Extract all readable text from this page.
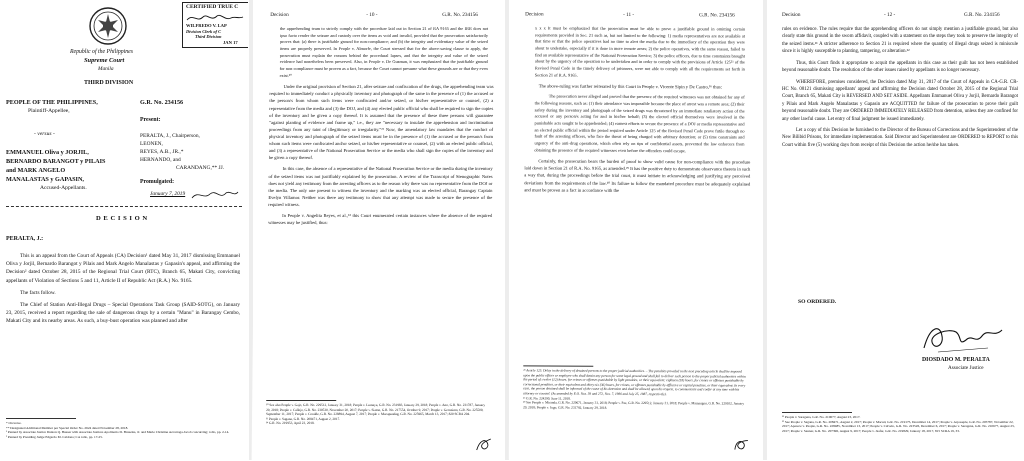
CERTIFIED TRUE C
WILFREDO V. LAP
Division Clerk of C
Third Division
JAN 17
Republic of the Philippines
Supreme Court
Manila
THIRD DIVISION
PEOPLE OF THE PHILIPPINES,
Plaintiff-Appellee,
- versus -
EMMANUEL Oliva y JORJIL,
BERNARDO BARANGOT y PILAIS
and MARK ANGELO
MANALASTAS y GAPASIN,
Accused-Appellants.
G.R. No. 234156
Present:
PERALTA, J., Chairperson,
LEONEN,
REYES, A.B., JR.,*
HERNANDO, and
CARANDANG,** JJ.
Promulgated:
January 7, 2019
D E C I S I O N
PERALTA, J.:

This is an appeal from the Court of Appeals (CA) Decision¹ dated May 31, 2017 dismissing Emmanuel Oliva y Jorjil, Bernardo Barangot y Pilais and Mark Angelo Manalastas y Gapasin's appeal, and affirming the Decision² dated October 28, 2015 of the Regional Trial Court (RTC), Branch 65, Makati City, convicting appellants of Violation of Sections 5 and 11, Article II of Republic Act (R.A.) No. 9165.

The facts follow.

The Chief of Station Anti-Illegal Drugs – Special Operations Task Group (SAID-SOTG), on January 23, 2015, received a report regarding the sale of dangerous drugs by a certain "Manu" in Barangay Cembo, Makati City and its nearby areas. As such, a buy-bust operation was planned and after

* On leave.
** Designated Additional Member per Special Order No. 2624 dated November 28, 2018.
¹ Penned by Associate Justice Danton Q. Bueser with Associate Justices Apolinario D. Bruselas, Jr. and Marie Christine Azcarraga-Jacob concurring; rollo, pp. 2-14.
² Penned by Presiding Judge Edgardo M. Caldona; CA rollo, pp. 17-25.
Decision	- 10 -	G.R. No. 234156

the apprehending team to strictly comply with the procedure laid out in Section 21 of RA 9165 and the IRR does not ipso facto render the seizure and custody over the items as void and invalid, provided that the prosecution satisfactorily proves that: (a) there is justifiable ground for non-compliance; and (b) the integrity and evidentiary value of the seized items are properly preserved. In People v. Almorfe, the Court stressed that for the above-saving clause to apply, the prosecution must explain the reasons behind the procedural lapses, and that the integrity and value of the seized evidence had nonetheless been preserved. Also, in People v. De Guzman, it was emphasized that the justifiable ground for non-compliance must be proven as a fact, because the Court cannot presume what these grounds are or that they even exist.²⁰

Under the original provision of Section 21, after seizure and confiscation of the drugs, the apprehending team was required to immediately conduct a physically inventory and photograph of the same in the presence of (1) the accused or the person/s from whom such items were confiscated and/or seized, or his/her representative or counsel, (2) a representative from the media and (3) the DOJ, and (4) any elected public official who shall be required to sign the copies of the inventory and be given a copy thereof. It is assumed that the presence of these three persons will guarantee "against planting of evidence and frame up," i.e., they are "necessary to insulate the apprehension and incrimination proceedings from any taint of illegitimacy or irregularity."²¹ Now, the amendatory law mandates that the conduct of physical inventory and photograph of the seized items must be in the presence of (1) the accused or the person/s from whom such items were confiscated and/or seized, or his/her representative or counsel, (2) with an elected public official, and (3) a representative of the National Prosecution Service or the media who shall sign the copies of the inventory and be given a copy thereof.

In this case, the absence of a representative of the National Prosecution Service or the media during the inventory of the seized items was not justifiably explained by the prosecution. A review of the Transcript of Stenographic Notes does not yield any testimony from the arresting officers as to the reason why there was no representative from the DOJ or the media. The only one present to witness the inventory and the marking was an elected official, Barangay Captain Evelyn Villamor. Neither was there any testimony to show that any attempt was made to secure the presence of the required witness.

In People v. Angelita Reyes, et al.,²⁴ this Court enumerated certain instances where the absence of the required witnesses may be justified, thus:

²⁰ See also People v. Gajo, G.R. No. 229512, January 31, 2018; People v. Lumaya, G.R. No. 231983, January 29, 2018; People v. Ano, G.R. No. 231787, January 29, 2018; People v. Callejo, G.R. No. 230530, November 20, 2017; People v. Siaton, G.R. No. 217554, October 9, 2017; People v. Geronimo, G.R. No. 225500, September 11, 2017; People v. Ceralde, G.R. No. 228894, August 7, 2017; People v. Macapundag, G.R. No. 225965, March 13, 2017; 820 SCRA 204.
²¹ People v. Sagana, G.R. No. 208471, August 2, 2017.
²⁴ G.R. No. 219953, April 23, 2018.
Decision	- 11 -	G.R. No. 234156

x x x It must be emphasized that the prosecution must be able to prove a justifiable ground in omitting certain requirements provided in Sec. 21 such as, but not limited to the following: 1) media representatives are not available at that time or that the police operatives had no time to alert the media due to the immediacy of the operation they were about to undertake, especially if it is done in more remote areas; 2) the police operatives, with the same reason, failed to find an available representative of the National Prosecution Service; 3) the police officers, due to time constraints brought about by the urgency of the operation to be undertaken and in order to comply with the provisions of Article 125²⁵ of the Revised Penal Code in the timely delivery of prisoners, were not able to comply with all the requirements set forth in Section 21 of R.A. 9165.

The above-ruling was further reiterated by this Court in People v. Vicente Sipin y De Castro,²⁶ thus:

The prosecution never alleged and proved that the presence of the required witnesses was not obtained for any of the following reasons, such as: (1) their attendance was impossible because the place of arrest was a remote area; (2) their safety during the inventory and photograph of the seized drugs was threatened by an immediate retaliatory action of the accused or any person/s acting for and in his/her behalf; (3) the elected official themselves were involved in the punishable acts sought to be apprehended; (4) earnest efforts to secure the presence of a DOJ or media representative and an elected public official within the period required under Article 125 of the Revised Penal Code prove futile through no fault of the arresting officers, who face the threat of being charged with arbitrary detention; or (5) time constraints and urgency of the anti-drug operations, which often rely on tips of confidential assets, prevented the law enforcers from obtaining the presence of the required witnesses even before the offenders could escape.

Certainly, the prosecution bears the burden of proof to show valid cause for non-compliance with the procedure laid down in Section 21 of R.A. No. 9165, as amended.²⁹ It has the positive duty to demonstrate observance thereto in such a way that, during the proceedings before the trial court, it must initiate in acknowledging and justifying any perceived deviations from the requirements of the law.³⁰ Its failure to follow the mandated procedure must be adequately explained and must be proven as a fact in accordance with the

²⁵ Article 125. Delay in the delivery of detained persons to the proper judicial authorities. – The penalties provided in the next preceding article shall be imposed upon the public officer or employee who shall detain any person for some legal ground and shall fail to deliver such person to the proper judicial authorities within the period of; twelve (12) hours, for crimes or offenses punishable by light penalties, or their equivalent; eighteen (18) hours, for crimes or offenses punishable by correctional penalties, or their equivalent and thirty-six (36) hours, for crimes, or offenses punishable by afflictive or capital penalties, or their equivalent. In every case, the person detained shall be informed of the cause of his detention and shall be allowed upon his request, to communicate and confer at any time with his attorney or counsel. (As amended by E.O. Nos. 59 and 272, Nov. 7, 1986 and July 25, 1987, respectively).
²⁶ G.R. No. 224290, June 11, 2018.
²⁹ See People v. Miranda, G.R. No. 229671, January 31, 2018; People v. Paz, G.R. No. 229512, January 31, 2018; People v. Mamangon, G.R. No. 229102, January 29, 2018; People v. Jugo, G.R. No. 231792, January 29, 2018.
Decision	- 12 -	G.R. No. 234156

rules on evidence. The rules require that the apprehending officers do not simply mention a justifiable ground, but also clearly state this ground in the sworn affidavit, coupled with a statement on the steps they took to preserve the integrity of the seized items.³¹ A stricter adherence to Section 21 is required where the quantity of illegal drugs seized is miniscule since it is highly susceptible to planting, tampering, or alteration.³²

Thus, this Court finds it appropriate to acquit the appellants in this case as their guilt has not been established beyond reasonable doubt. The resolution of the other issues raised by appellants is no longer necessary.

WHEREFORE, premises considered, the Decision dated May 31, 2017 of the Court of Appeals in CA-G.R. CR-HC No. 08121 dismissing appellants' appeal and affirming the Decision dated October 28, 2015 of the Regional Trial Court, Branch 65, Makati City is REVERSED AND SET ASIDE. Appellants Emmanuel Oliva y Jorjil, Bernardo Barangot y Pilais and Mark Angelo Manalastas y Gapasin are ACQUITTED for failure of the prosecution to prove their guilt beyond reasonable doubt. They are ORDERED IMMEDIATELY RELEASED from detention, unless they are confined for any other lawful cause. Let entry of final judgment be issued immediately.

Let a copy of this Decision be furnished to the Director of the Bureau of Corrections and the Superintendent of the New Bilibid Prisons, for immediate implementation. Said Director and Superintendent are ORDERED to REPORT to this Court within five (5) working days from receipt of this Decision the action he/she has taken.

SO ORDERED.
DIOSDADO M. PERALTA
Associate Justice
³¹ People v. Saragena, G.R. No. 210677, August 23, 2017.
³² See People v. Sagana, G.R. No. 208471, August 2, 2017; People v. Macud, G.R. No. 219175, December 14, 2017; People v. Arposeple, G.R. No. 205787, November 22, 2017; Aparece v. People, G.R. No. 228485, November 13, 2017; People v. Calvelo, G.R. No. 223526, December 6, 2017; People v. Saragena, G.R. No. 210677, August 23, 2017; People v. Saunar, G.R. No. 207396, August 9, 2017; People v. Jaafar, G.R. No. 219829, January 18, 2017, 815 SCRA 19, 33.
